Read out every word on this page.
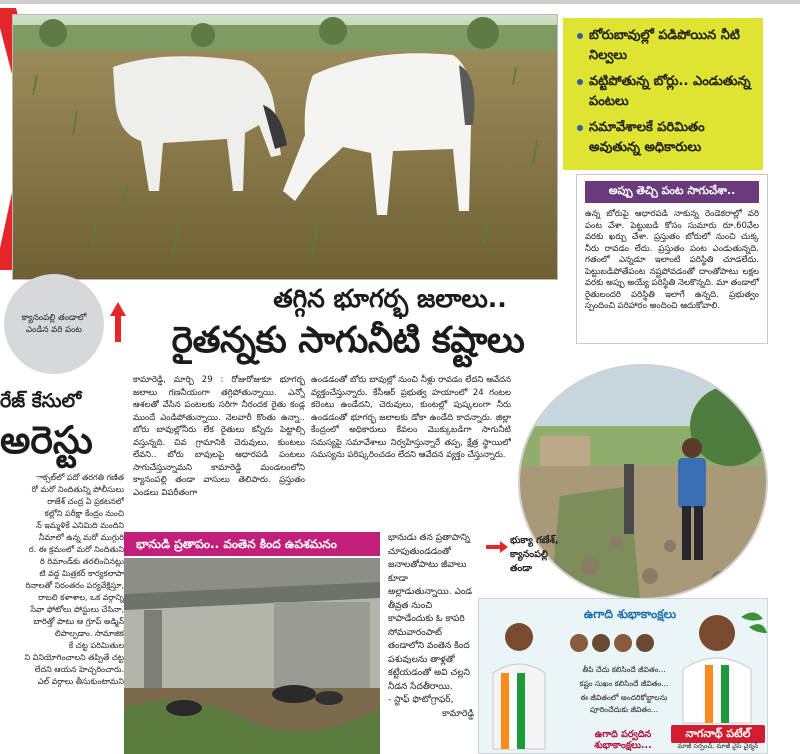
బోరుబావుల్లో పడిపోయిన నీటి నిల్వలు
వట్టిపోతున్న బోర్లు.. ఎండుతున్న పంటలు
సమావేశాలకే పరిమితం అవుతున్న అధికారులు
అప్పు తెచ్చి పంట సాగుచేశా..

ఉన్న బోరుపై ఆధారపడి నాకున్న రెండెకరాల్లో వరి పంట వేశా. పెట్టుబడి కోసం సుమారు రూ.60వేల వరకు ఖర్చు చేశా. ప్రస్తుతం బోరులో నుంచి చుక్క నీరు రావడం లేదు. ప్రస్తుతం పంట ఎండుతున్నది. గతంలో ఎన్నడూ ఇలాంటి పరిస్థితి చూడలేదు. పెట్టుబడిపోతేపంట నష్టపోవడంతో దాంతోపాటు లక్షల వరకు అప్పు అయ్యే పరిస్థితి నెలకొన్నది. మా తండాలో రైతులందరి పరిస్థితి ఇలాగే ఉన్నది. ప్రభుత్వం స్పందించి పరిహారం అందించి ఆదుకోవాలి.

క్యానంపల్లి తండాలో ఎండిన వరి పంట
తగ్గిన భూగర్భ జలాలు..
రైతన్నకు సాగునీటి కష్టాలు
రేజ్ కేసులో
అరెస్టు
ాక్సల్‌లో పదో తరగతి గణిత
రో మరో నిందితున్ని పోలీసులు
రాజేశ్ చంద్ర ఏ ప్రకటనలో
కల్లోని పరీక్షా కేంద్రం నుంచి
న్ ఇమ్మళికే ఎనిమిది మందిని
నీమాలో ఉన్న మరో ముగ్గురి
ర. ఈ క్రమంలో మరో నిందితుని
రి రిమాండ్‌కు తరలించినట్లు
టి వద్ద మిత్రకర్ కార్యకలాపా
రినాలతో నిరంతరం పర్యవేక్షిస్తూ,
రాబలి కళాశాల, ఒక వర్గాన్ని
సేవా ఫోటోలు పోస్టులు చేసినా,
బారిత్తో పాటు ఆ గ్రూప్ అడ్మిన్
లిపాల్పడాం. సామాజిక
కే చట్ట పరిమితుల
ని వినియోగించాలని తప్పితే చట్ట
లేదని ఆయన హెచ్చరించారు.
ఎల్ వర్గాలు తీసుకుంటామని

కామారెడ్డి, మార్చి 29 : రోజురోజుకూ భూగర్భ జలాలు గణనీయంగా తగ్గిపోతున్నాయి. ఎన్నో ఆశలతో వేసిన పంటలకు సరిగా నీరందక రైతు కండ్ల ముందే ఎండిపోతున్నాయి. నెలవారీ కొంతు ఉన్నా.. బోరు బావుల్లోనీరు లేక రైతులు కన్నీరు పెట్టాల్సి వస్తున్నది. చివ గ్రామానికి చెరువులు, కుంటలు లేవని.. బోరు బావులపై ఆధారపడి పంటలు సాగుచేస్తున్నామని కామారెడ్డి మండలంలోని క్యానంపల్లి తండా వాసులు తెలిపారు. ప్రస్తుతం ఎండలు విపరీతంగా

ఉండడంతో బోరు బావుల్లో నుంచి నీళ్లు రావడం లేదని ఆవేదన వ్యక్తంచేస్తున్నారు. కేసీఆర్ ప్రభుత్వ హయాంలో 24 గంటల కరెంటు ఉండేదని, చెరువులు, కుంటల్లో పుష్కలంగా నీరు ఉండడంతో భూగర్భ జలాలకు డోకా ఉండేది కాదన్నారు. జిల్లా కేంద్రంలో అధికారులు కేవలం మొక్కుబడిగా సాగునీటి సమస్యపై సమావేశాలు నిర్వహిస్తున్నారే తప్ప, క్షేత్ర స్థాయిలో సమస్యను పరిష్కరించడం లేదని ఆవేదన వ్యక్తం చేస్తున్నారు.

భుక్యా గణేశ్,
క్యానంపల్లి
తండా
భానుడి ప్రతాపం.. వంతెన కింద ఉపశమనం	భానుడు తన ప్రతాపాన్ని చూపుతుండడంతో జనాలతోపాటు జీవాలు కూడా అల్లాడుతున్నాయి. ఎండ తీవ్రత నుంచి కాపాడేందుకు ఓ కాపరి సోమవారంపాట్ తండాలోని వంతెన కింద పశువులను తాళ్లతో కట్టేయడంతో అవి చల్లని నీడన సేదతీరాయి.

- స్టాఫ్ ఫొటోగ్రాఫర్,

కామారెడ్డి

ఉగాది శుభాకాంక్షలు
తీపి చేదు కలిసిందే జీవితం...
కష్టం సుఖం కలిసిందే జీవితం...
ఈ జీవితంలో అందరికోబ్జాలను
పూరించేదుకు జీవితం...
ఉగాది పర్వదిన
శుభాకాంక్షలు...
నాగనాథ్ పటేల్
మాజీ సర్పంచ్, మాజీ వైస్ చైర్మన్
